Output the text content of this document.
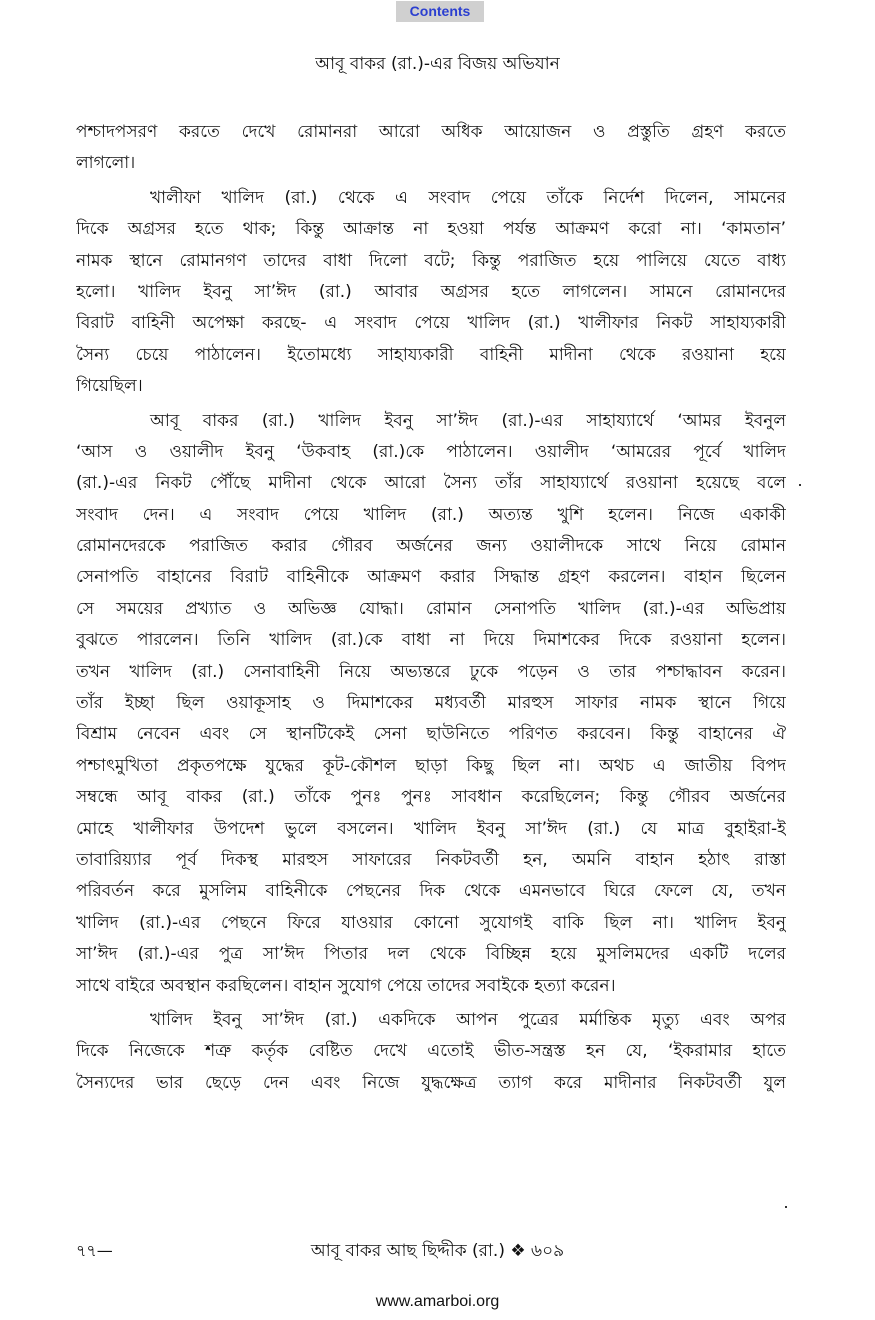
Contents
আবূ বাকর (রা.)-এর বিজয় অভিযান
পশ্চাদপসরণ করতে দেখে রোমানরা আরো অধিক আয়োজন ও প্রস্তুতি গ্রহণ করতে
লাগলো।
খালীফা খালিদ (রা.) থেকে এ সংবাদ পেয়ে তাঁকে নির্দেশ দিলেন, সামনের
দিকে অগ্রসর হতে থাক; কিন্তু আক্রান্ত না হওয়া পর্যন্ত আক্রমণ করো না। ‘কামতান’
নামক স্থানে রোমানগণ তাদের বাধা দিলো বটে; কিন্তু পরাজিত হয়ে পালিয়ে যেতে বাধ্য
হলো। খালিদ ইবনু সা’ঈদ (রা.) আবার অগ্রসর হতে লাগলেন। সামনে রোমানদের
বিরাট বাহিনী অপেক্ষা করছে- এ সংবাদ পেয়ে খালিদ (রা.) খালীফার নিকট সাহায্যকারী
সৈন্য চেয়ে পাঠালেন। ইতোমধ্যে সাহায্যকারী বাহিনী মাদীনা থেকে রওয়ানা হয়ে
গিয়েছিল।
আবূ বাকর (রা.) খালিদ ইবনু সা’ঈদ (রা.)-এর সাহায্যার্থে ‘আমর ইবনুল
‘আস ও ওয়ালীদ ইবনু ‘উকবাহ (রা.)কে পাঠালেন। ওয়ালীদ ‘আমরের পূর্বে খালিদ
(রা.)-এর নিকট পৌঁছে মাদীনা থেকে আরো সৈন্য তাঁর সাহায্যার্থে রওয়ানা হয়েছে বলে
সংবাদ দেন। এ সংবাদ পেয়ে খালিদ (রা.) অত্যন্ত খুশি হলেন। নিজে একাকী
রোমানদেরকে পরাজিত করার গৌরব অর্জনের জন্য ওয়ালীদকে সাথে নিয়ে রোমান
সেনাপতি বাহানের বিরাট বাহিনীকে আক্রমণ করার সিদ্ধান্ত গ্রহণ করলেন। বাহান ছিলেন
সে সময়ের প্রখ্যাত ও অভিজ্ঞ যোদ্ধা। রোমান সেনাপতি খালিদ (রা.)-এর অভিপ্রায়
বুঝতে পারলেন। তিনি খালিদ (রা.)কে বাধা না দিয়ে দিমাশকের দিকে রওয়ানা হলেন।
তখন খালিদ (রা.) সেনাবাহিনী নিয়ে অভ্যন্তরে ঢুকে পড়েন ও তার পশ্চাদ্ধাবন করেন।
তাঁর ইচ্ছা ছিল ওয়াকূসাহ ও দিমাশকের মধ্যবর্তী মারহুস সাফার নামক স্থানে গিয়ে
বিশ্রাম নেবেন এবং সে স্থানটিকেই সেনা ছাউনিতে পরিণত করবেন। কিন্তু বাহানের ঐ
পশ্চাৎমুখিতা প্রকৃতপক্ষে যুদ্ধের কূট-কৌশল ছাড়া কিছু ছিল না। অথচ এ জাতীয় বিপদ
সম্বন্ধে আবূ বাকর (রা.) তাঁকে পুনঃ পুনঃ সাবধান করেছিলেন; কিন্তু গৌরব অর্জনের
মোহে খালীফার উপদেশ ভুলে বসলেন। খালিদ ইবনু সা’ঈদ (রা.) যে মাত্র বুহাইরা-ই
তাবারিয়্যার পূর্ব দিকস্থ মারহুস সাফারের নিকটবর্তী হন, অমনি বাহান হঠাৎ রাস্তা
পরিবর্তন করে মুসলিম বাহিনীকে পেছনের দিক থেকে এমনভাবে ঘিরে ফেলে যে, তখন
খালিদ (রা.)-এর পেছনে ফিরে যাওয়ার কোনো সুযোগই বাকি ছিল না। খালিদ ইবনু
সা’ঈদ (রা.)-এর পুত্র সা’ঈদ পিতার দল থেকে বিচ্ছিন্ন হয়ে মুসলিমদের একটি দলের
সাথে বাইরে অবস্থান করছিলেন। বাহান সুযোগ পেয়ে তাদের সবাইকে হত্যা করেন।
খালিদ ইবনু সা’ঈদ (রা.) একদিকে আপন পুত্রের মর্মান্তিক মৃত্যু এবং অপর
দিকে নিজেকে শত্রু কর্তৃক বেষ্টিত দেখে এতোই ভীত-সন্ত্রস্ত হন যে, ‘ইকরামার হাতে
সৈন্যদের ভার ছেড়ে দেন এবং নিজে যুদ্ধক্ষেত্র ত্যাগ করে মাদীনার নিকটবর্তী যুল
৭৭—	আবূ বাকর আছ ছিদ্দীক (রা.) ❖ ৬০৯
www.amarboi.org
